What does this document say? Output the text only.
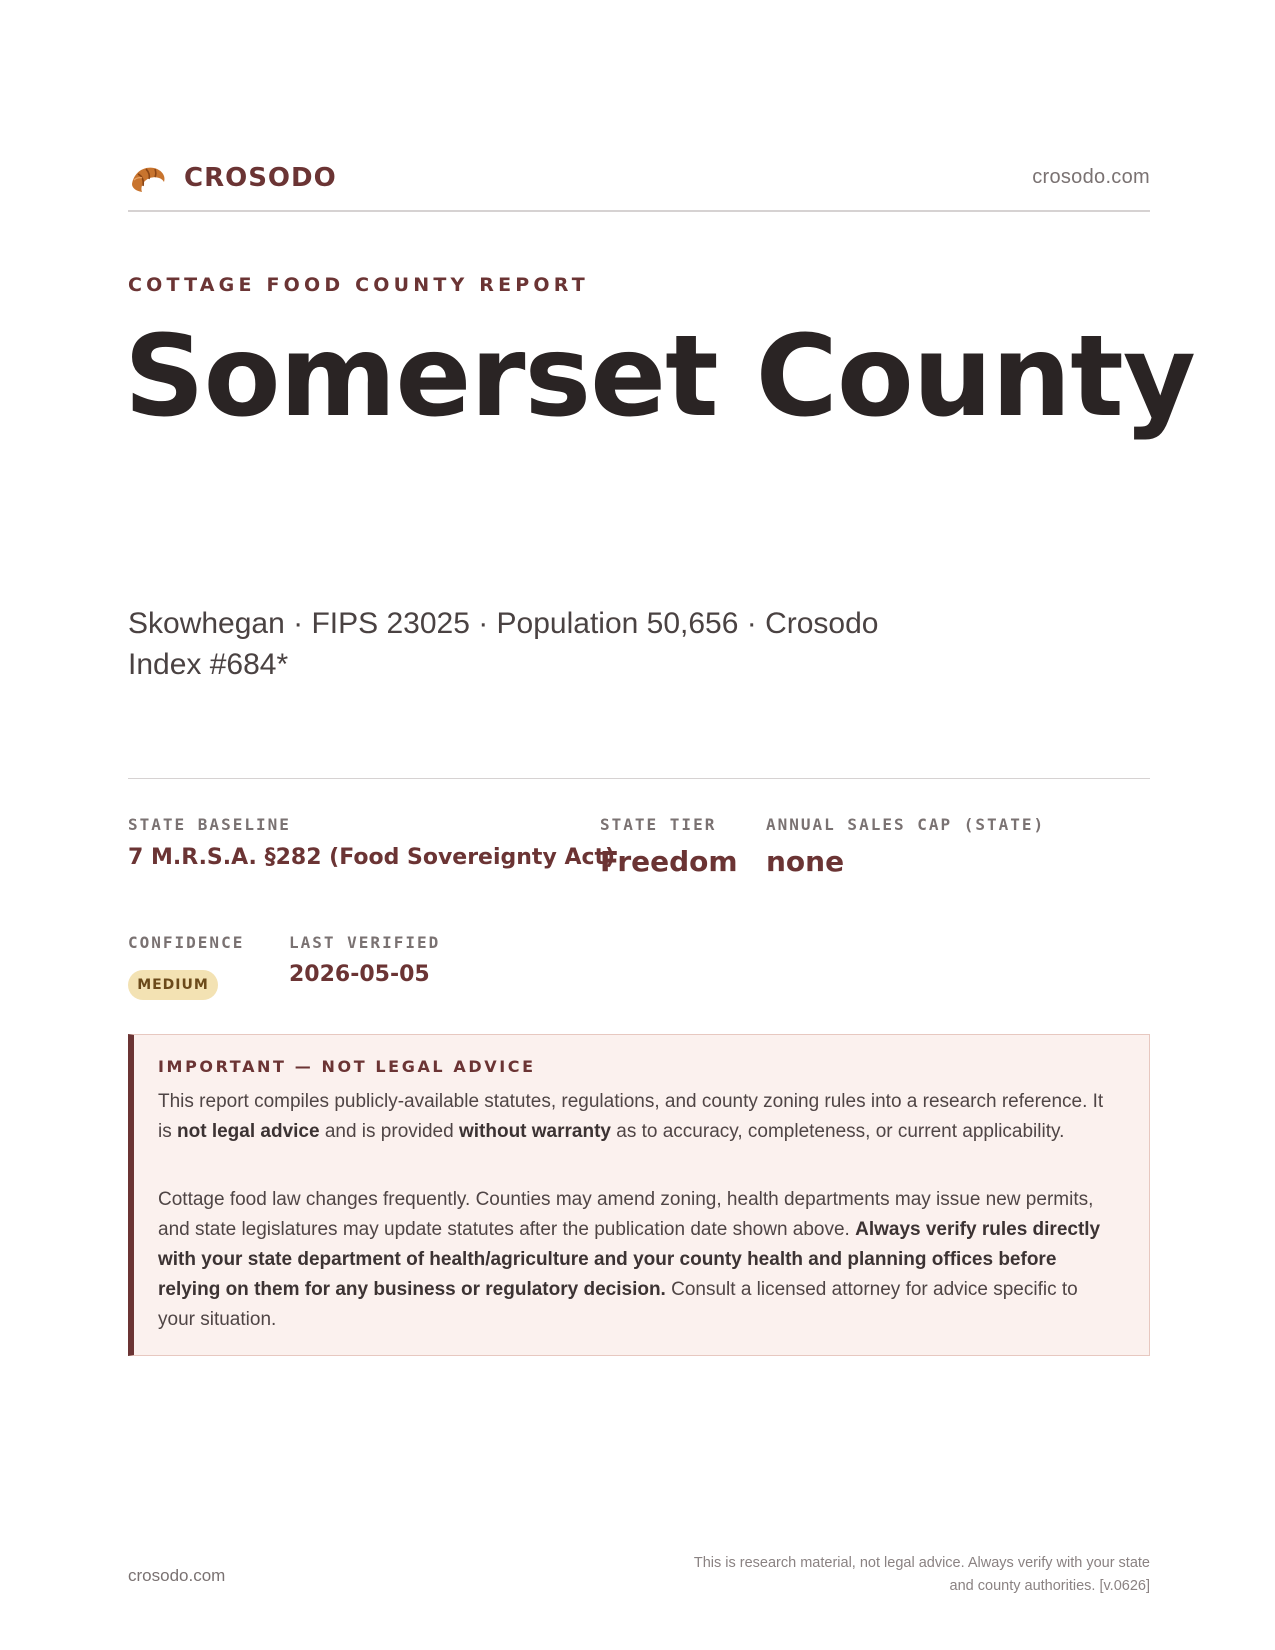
CROSODO	crosodo.com
COTTAGE FOOD COUNTY REPORT
Somerset County
Skowhegan · FIPS 23025 · Population 50,656 · Crosodo Index #684*
STATE BASELINE
7 M.R.S.A. §282 (Food Sovereignty Act)
STATE TIER
Freedom
ANNUAL SALES CAP (STATE)
none
CONFIDENCE
MEDIUM
LAST VERIFIED
2026-05-05
IMPORTANT — NOT LEGAL ADVICE
This report compiles publicly-available statutes, regulations, and county zoning rules into a research reference. It is not legal advice and is provided without warranty as to accuracy, completeness, or current applicability.
Cottage food law changes frequently. Counties may amend zoning, health departments may issue new permits, and state legislatures may update statutes after the publication date shown above. Always verify rules directly with your state department of health/agriculture and your county health and planning offices before relying on them for any business or regulatory decision. Consult a licensed attorney for advice specific to your situation.
crosodo.com
This is research material, not legal advice. Always verify with your state
and county authorities. [v.0626]
